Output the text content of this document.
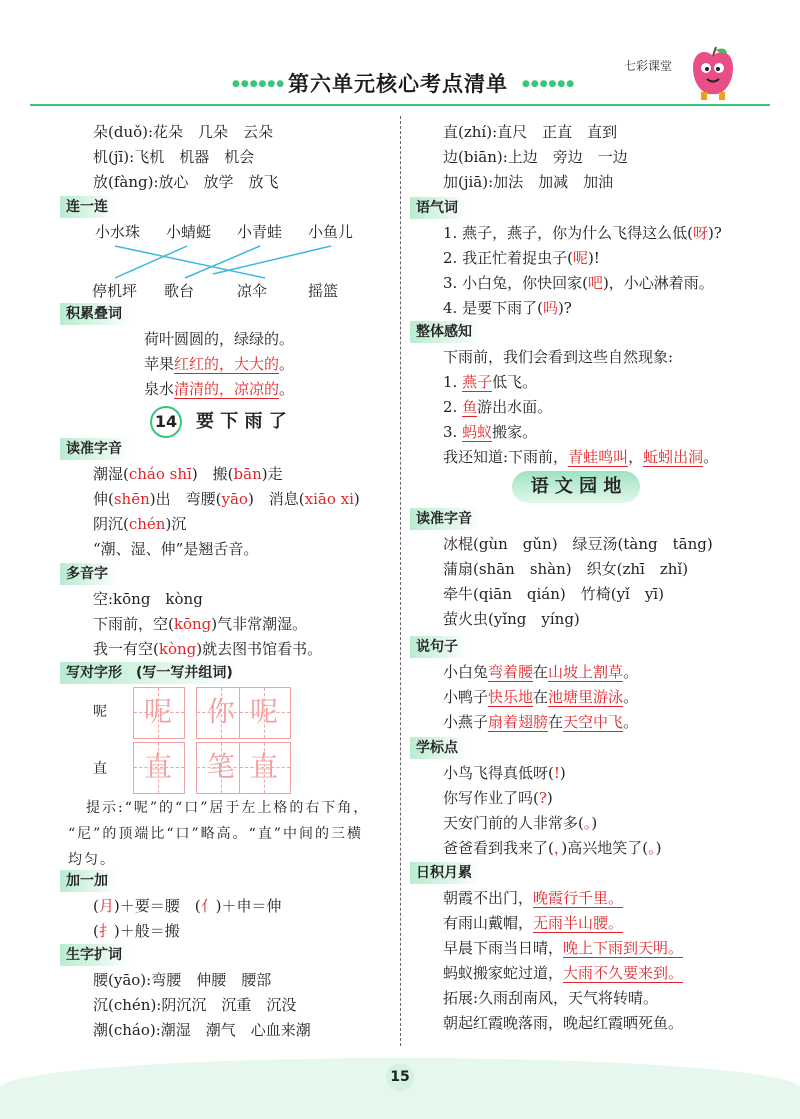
●●●●●● 第六单元核心考点清单 ●●●●●●
七彩课堂
朵(duǒ):花朵　几朵　云朵
机(jī):飞机　机器　机会
放(fàng):放心　放学　放飞
连一连
小水珠 小蜻蜓 小青蛙 小鱼儿
停机坪 歌台	凉伞	摇篮
积累叠词
荷叶圆圆的，绿绿的。
苹果红红的，大大的。
泉水清清的，凉凉的。
14 要 下 雨 了
读准字音
潮湿(cháo shī)　搬(bān)走
伸(shēn)出　弯腰(yāo)　消息(xiāo xi)
阴沉(chén)沉
“潮、湿、伸”是翘舌音。
多音字
空:kōng　kòng
下雨前，空(kōng)气非常潮湿。
我一有空(kòng)就去图书馆看书。
写对字形　 (写一写并组词)
呢	呢	你 呢
直	直	笔 直
提示:“呢”的“口”居于左上格的右下角，
“尼”的顶端比“口”略高。“直”中间的三横
均匀。
加一加
(月)＋要＝腰　(亻)＋申＝伸
(扌)＋般＝搬
生字扩词
腰(yāo):弯腰　伸腰　腰部
沉(chén):阴沉沉　沉重　沉没
潮(cháo):潮湿　潮气　心血来潮
直(zhí):直尺　正直　直到
边(biān):上边　旁边　一边
加(jiā):加法　加减　加油
语气词
1. 燕子，燕子，你为什么飞得这么低(呀)?
2. 我正忙着捉虫子(呢)!
3. 小白兔，你快回家(吧)，小心淋着雨。
4. 是要下雨了(吗)?
整体感知
下雨前，我们会看到这些自然现象:
1. 燕子低飞。
2. 鱼游出水面。
3. 蚂蚁搬家。
我还知道:下雨前，青蛙鸣叫，蚯蚓出洞。
语 文 园 地
读准字音
冰棍(gùn　gǔn)　绿豆汤(tàng　tāng)
蒲扇(shān　shàn)　织女(zhī　zhǐ)
牵牛(qiān　qián)　竹椅(yǐ　yī)
萤火虫(yǐng　yíng)
说句子
小白兔弯着腰在山坡上割草。
小鸭子快乐地在池塘里游泳。
小燕子扇着翅膀在天空中飞。
学标点
小鸟飞得真低呀(!)
你写作业了吗(?)
天安门前的人非常多(。)
爸爸看到我来了(，)高兴地笑了(。)
日积月累
朝霞不出门，晚霞行千里。
有雨山戴帽，无雨半山腰。
早晨下雨当日晴，晚上下雨到天明。
蚂蚁搬家蛇过道，大雨不久要来到。
拓展:久雨刮南风，天气将转晴。
朝起红霞晚落雨，晚起红霞晒死鱼。
15
